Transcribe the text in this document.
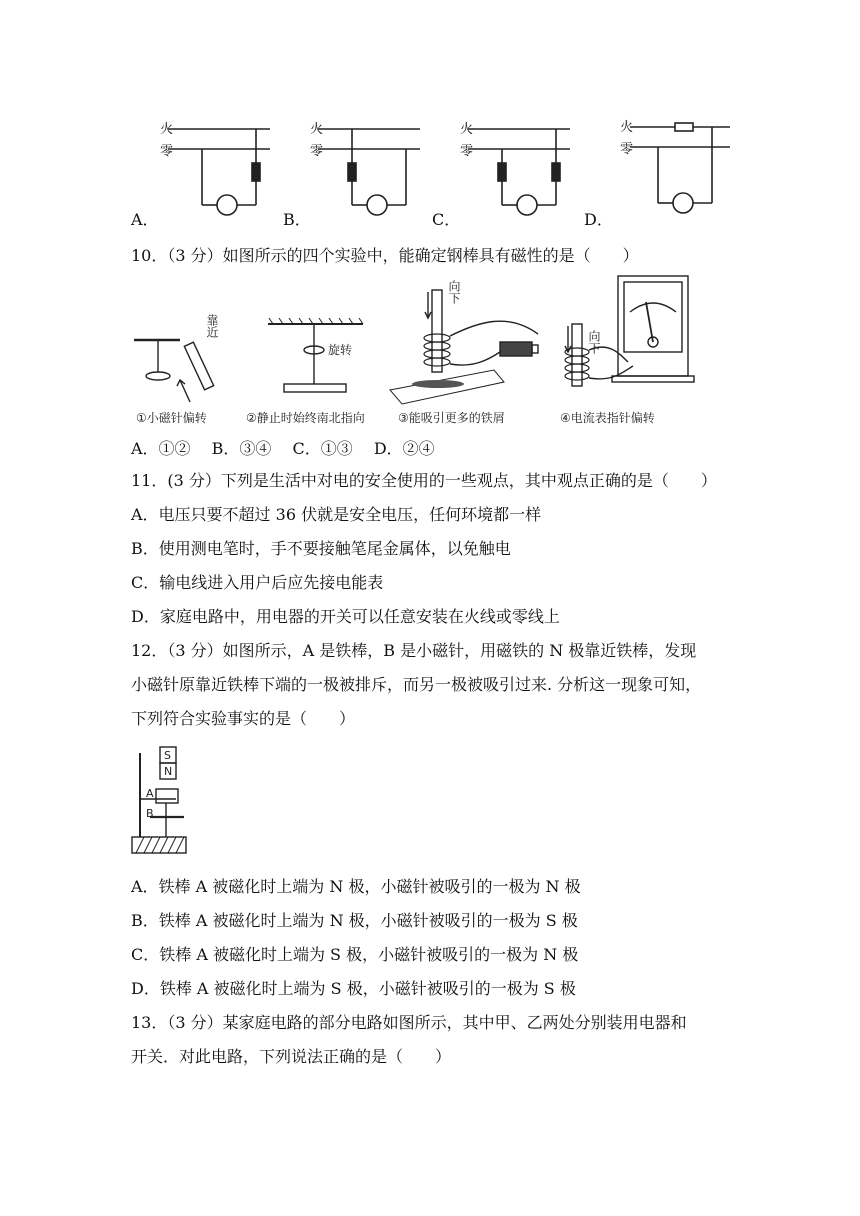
火
零
火
零
火
零
火
零
A．	B．	C．	D．
10．（3 分）如图所示的四个实验中，能确定钢棒具有磁性的是（　　）
靠近
旋转
向下
向下
①小磁针偏转	②静止时始终南北指向	③能吸引更多的铁屑	④电流表指针偏转
A．①②　 B．③④　 C．①③　 D．②④
11．(3 分）下列是生活中对电的安全使用的一些观点，其中观点正确的是（　　）
A．电压只要不超过 36 伏就是安全电压，任何环境都一样
B．使用测电笔时，手不要接触笔尾金属体，以免触电
C．输电线进入用户后应先接电能表
D．家庭电路中，用电器的开关可以任意安装在火线或零线上
12．（3 分）如图所示，A 是铁棒，B 是小磁针，用磁铁的 N 极靠近铁棒，发现
小磁针原靠近铁棒下端的一极被排斥，而另一极被吸引过来. 分析这一现象可知，
下列符合实验事实的是（　　）
S
N
A
B
A．铁棒 A 被磁化时上端为 N 极，小磁针被吸引的一极为 N 极
B．铁棒 A 被磁化时上端为 N 极，小磁针被吸引的一极为 S 极
C．铁棒 A 被磁化时上端为 S 极，小磁针被吸引的一极为 N 极
D．铁棒 A 被磁化时上端为 S 极，小磁针被吸引的一极为 S 极
13．（3 分）某家庭电路的部分电路如图所示，其中甲、乙两处分别装用电器和
开关．对此电路，下列说法正确的是（　　）
